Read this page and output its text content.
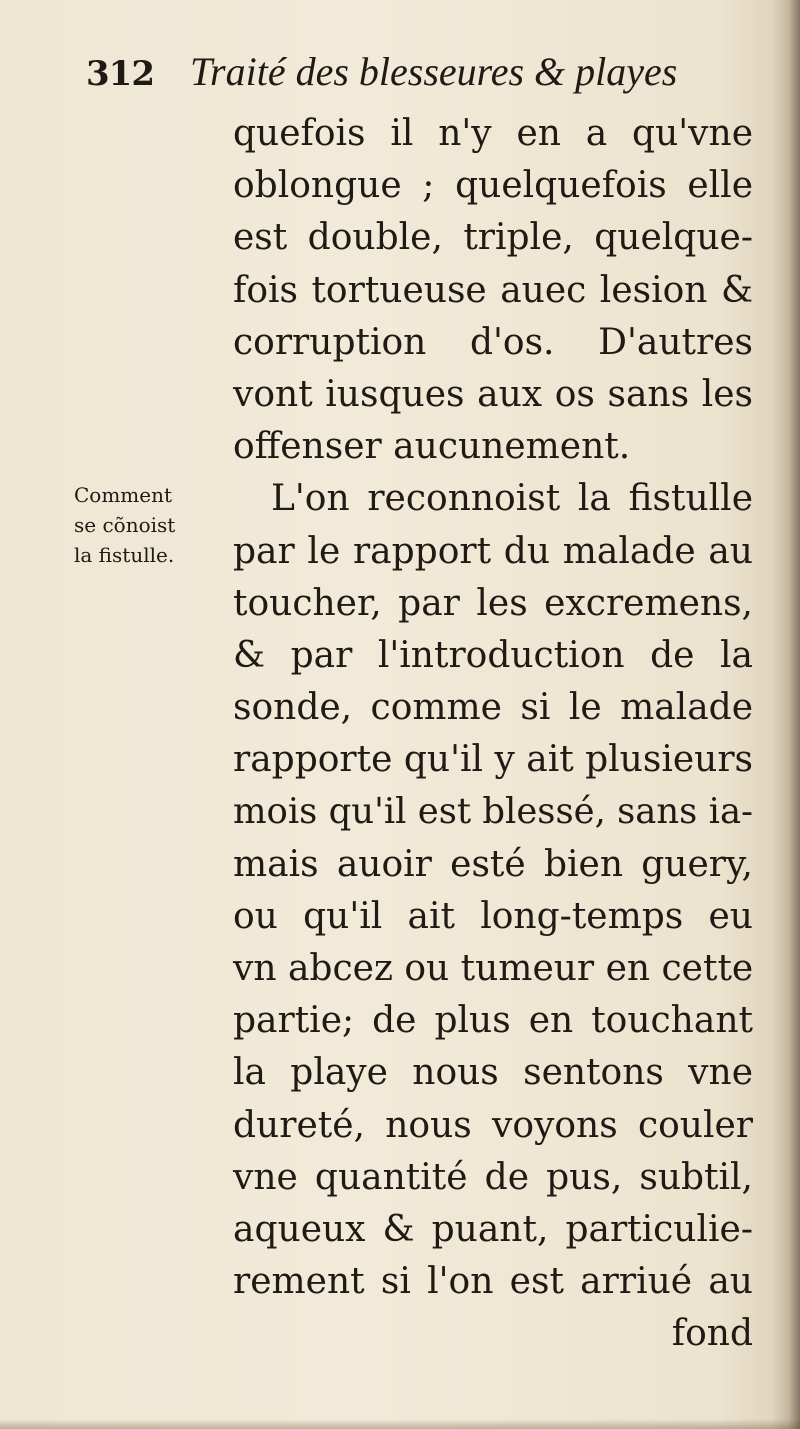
312 Traité des blesseures & playes
Comment
se cõnoist
la fistulle.
quefois il n'y en a qu'vne
oblongue ; quelquefois elle
est double, triple, quelque-
fois tortueuse auec lesion &
corruption d'os. D'autres
vont iusques aux os sans les
offenser aucunement.
L'on reconnoist la fistulle
par le rapport du malade au
toucher, par les excremens,
& par l'introduction de la
sonde, comme si le malade
rapporte qu'il y ait plusieurs
mois qu'il est blessé, sans ia-
mais auoir esté bien guery,
ou qu'il ait long-temps eu
vn abcez ou tumeur en cette
partie; de plus en touchant
la playe nous sentons vne
dureté, nous voyons couler
vne quantité de pus, subtil,
aqueux & puant, particulie-
rement si l'on est arriué au
fond
